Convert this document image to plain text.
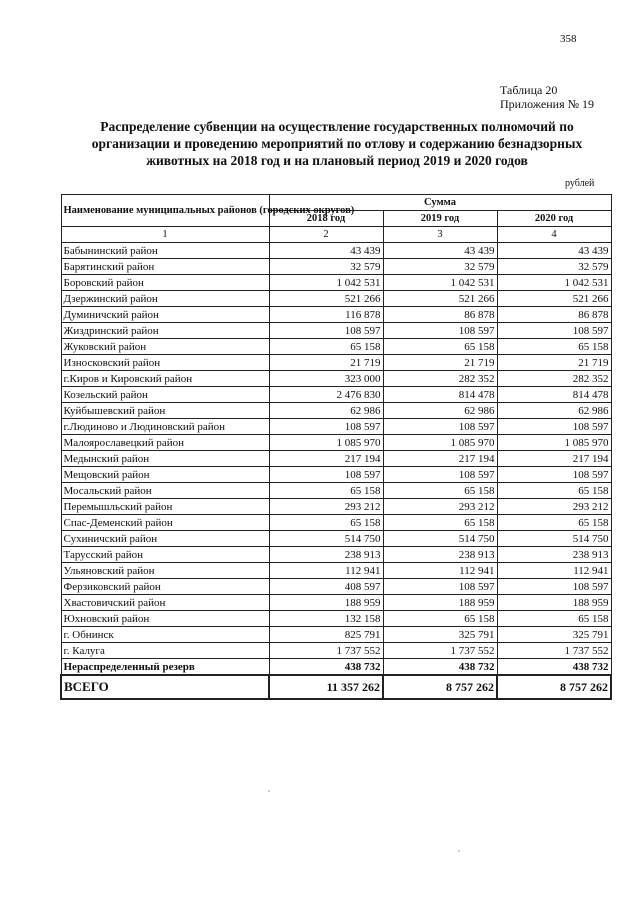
358
Таблица 20
Приложения № 19
Распределение субвенции на осуществление государственных полномочий по организации и проведению мероприятий по отлову и содержанию безнадзорных животных на 2018 год и на плановый период 2019 и 2020 годов
рублей
Наименование муниципальных районов (городских округов)	Сумма		
	2018 год	2019 год	2020 год
1	2	3	4
Бабынинский район	43 439	43 439	43 439
Барятинский район	32 579	32 579	32 579
Боровский район	1 042 531	1 042 531	1 042 531
Дзержинский район	521 266	521 266	521 266
Думиничский район	116 878	86 878	86 878
Жиздринский район	108 597	108 597	108 597
Жуковский район	65 158	65 158	65 158
Износковский район	21 719	21 719	21 719
г.Киров и Кировский район	323 000	282 352	282 352
Козельский район	2 476 830	814 478	814 478
Куйбышевский район	62 986	62 986	62 986
г.Людиново и Людиновский район	108 597	108 597	108 597
Малоярославецкий район	1 085 970	1 085 970	1 085 970
Медынский район	217 194	217 194	217 194
Мещовский район	108 597	108 597	108 597
Мосальский район	65 158	65 158	65 158
Перемышльский район	293 212	293 212	293 212
Спас-Деменский район	65 158	65 158	65 158
Сухиничский район	514 750	514 750	514 750
Тарусский район	238 913	238 913	238 913
Ульяновский район	112 941	112 941	112 941
Ферзиковский район	408 597	108 597	108 597
Хвастовичский район	188 959	188 959	188 959
Юхновский район	132 158	65 158	65 158
г. Обнинск	825 791	325 791	325 791
г. Калуга	1 737 552	1 737 552	1 737 552
Нераспределенный резерв	438 732	438 732	438 732
ВСЕГО	11 357 262	8 757 262	8 757 262
